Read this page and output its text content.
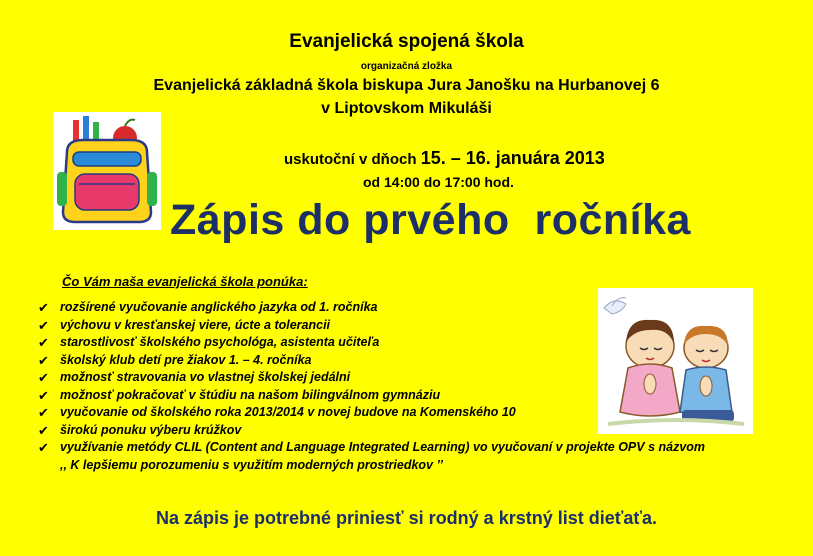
Evanjelická spojená škola
organizačná zložka
Evanjelická základná škola biskupa Jura Janošku na Hurbanovej 6
v Liptovskom Mikuláši
uskutoční v dňoch 15. – 16. januára 2013
od 14:00 do 17:00 hod.
Zápis do prvého  ročníka
Čo Vám naša evanjelická škola ponúka:
✔ rozšírené vyučovanie anglického jazyka od 1. ročníka
✔ výchovu v kresťanskej viere, úcte a tolerancii
✔ starostlivosť školského psychológa, asistenta učiteľa
✔ školský klub detí pre žiakov 1. – 4. ročníka
✔ možnosť stravovania vo vlastnej školskej jedálni
✔ možnosť pokračovať v štúdiu na našom bilingválnom gymnáziu
✔ vyučovanie od školského roka 2013/2014 v novej budove na Komenského 10
✔ širokú ponuku výberu krúžkov
✔ využívanie metódy CLIL (Content and Language Integrated Learning) vo vyučovaní v projekte OPV s názvom
,, K lepšiemu porozumeniu s využitím moderných prostriedkov ’’
Na zápis je potrebné priniesť si rodný a krstný list dieťaťa.
